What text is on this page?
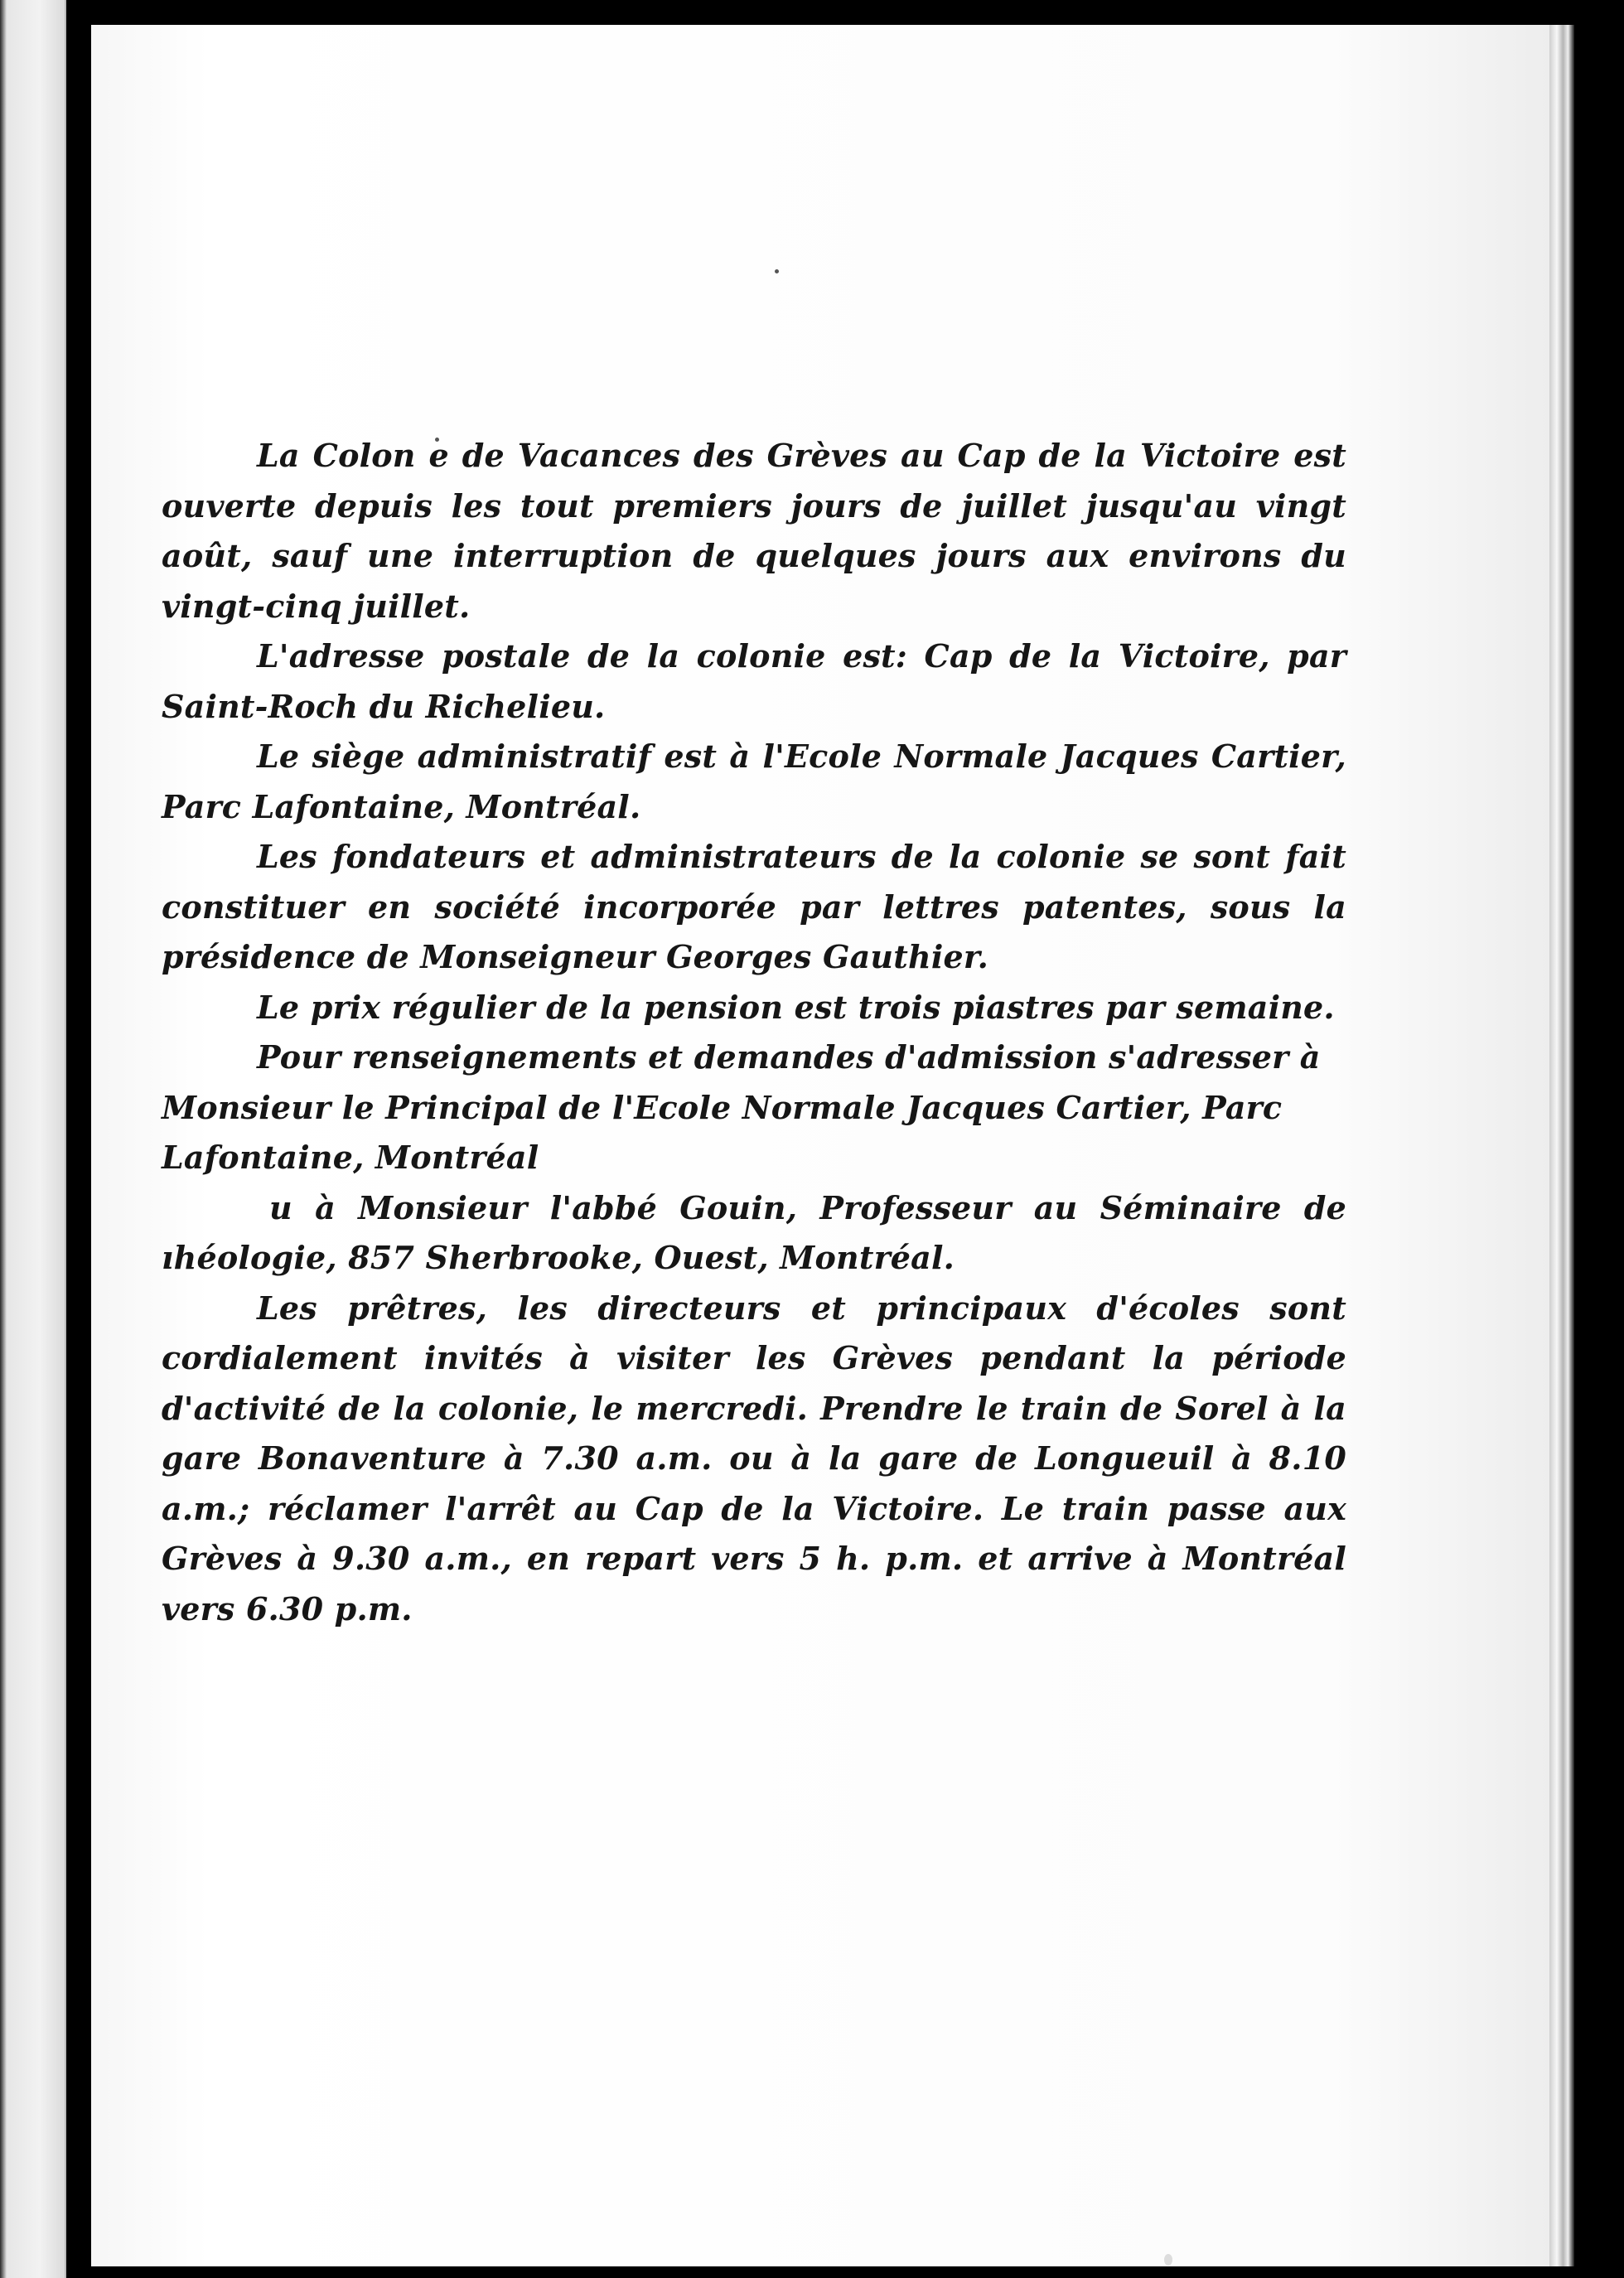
La Colon e de Vacances des Grèves au Cap de la Victoire est ouverte depuis les tout premiers jours de juillet jusqu'au vingt août, sauf une interruption de quelques jours aux environs du vingt-cinq juillet.

L'adresse postale de la colonie est: Cap de la Victoire, par Saint-Roch du Richelieu.

Le siège administratif est à l'Ecole Normale Jacques Cartier, Parc Lafontaine, Montréal.

Les fondateurs et administrateurs de la colonie se sont fait constituer en société incorporée par lettres patentes, sous la présidence de Monseigneur Georges Gauthier.

Le prix régulier de la pension est trois piastres par semaine.

Pour renseignements et demandes d'admission s'adresser à Monsieur le Principal de l'Ecole Normale Jacques Cartier, Parc Lafontaine, Montréal

u à Monsieur l'abbé Gouin, Professeur au Séminaire de ıhéologie, 857 Sherbrooke, Ouest, Montréal.

Les prêtres, les directeurs et principaux d'écoles sont cordialement invités à visiter les Grèves pendant la période d'activité de la colonie, le mercredi. Prendre le train de Sorel à la gare Bonaventure à 7.30 a.m. ou à la gare de Longueuil à 8.10 a.m.; réclamer l'arrêt au Cap de la Victoire. Le train passe aux Grèves à 9.30 a.m., en repart vers 5 h. p.m. et arrive à Montréal vers 6.30 p.m.
